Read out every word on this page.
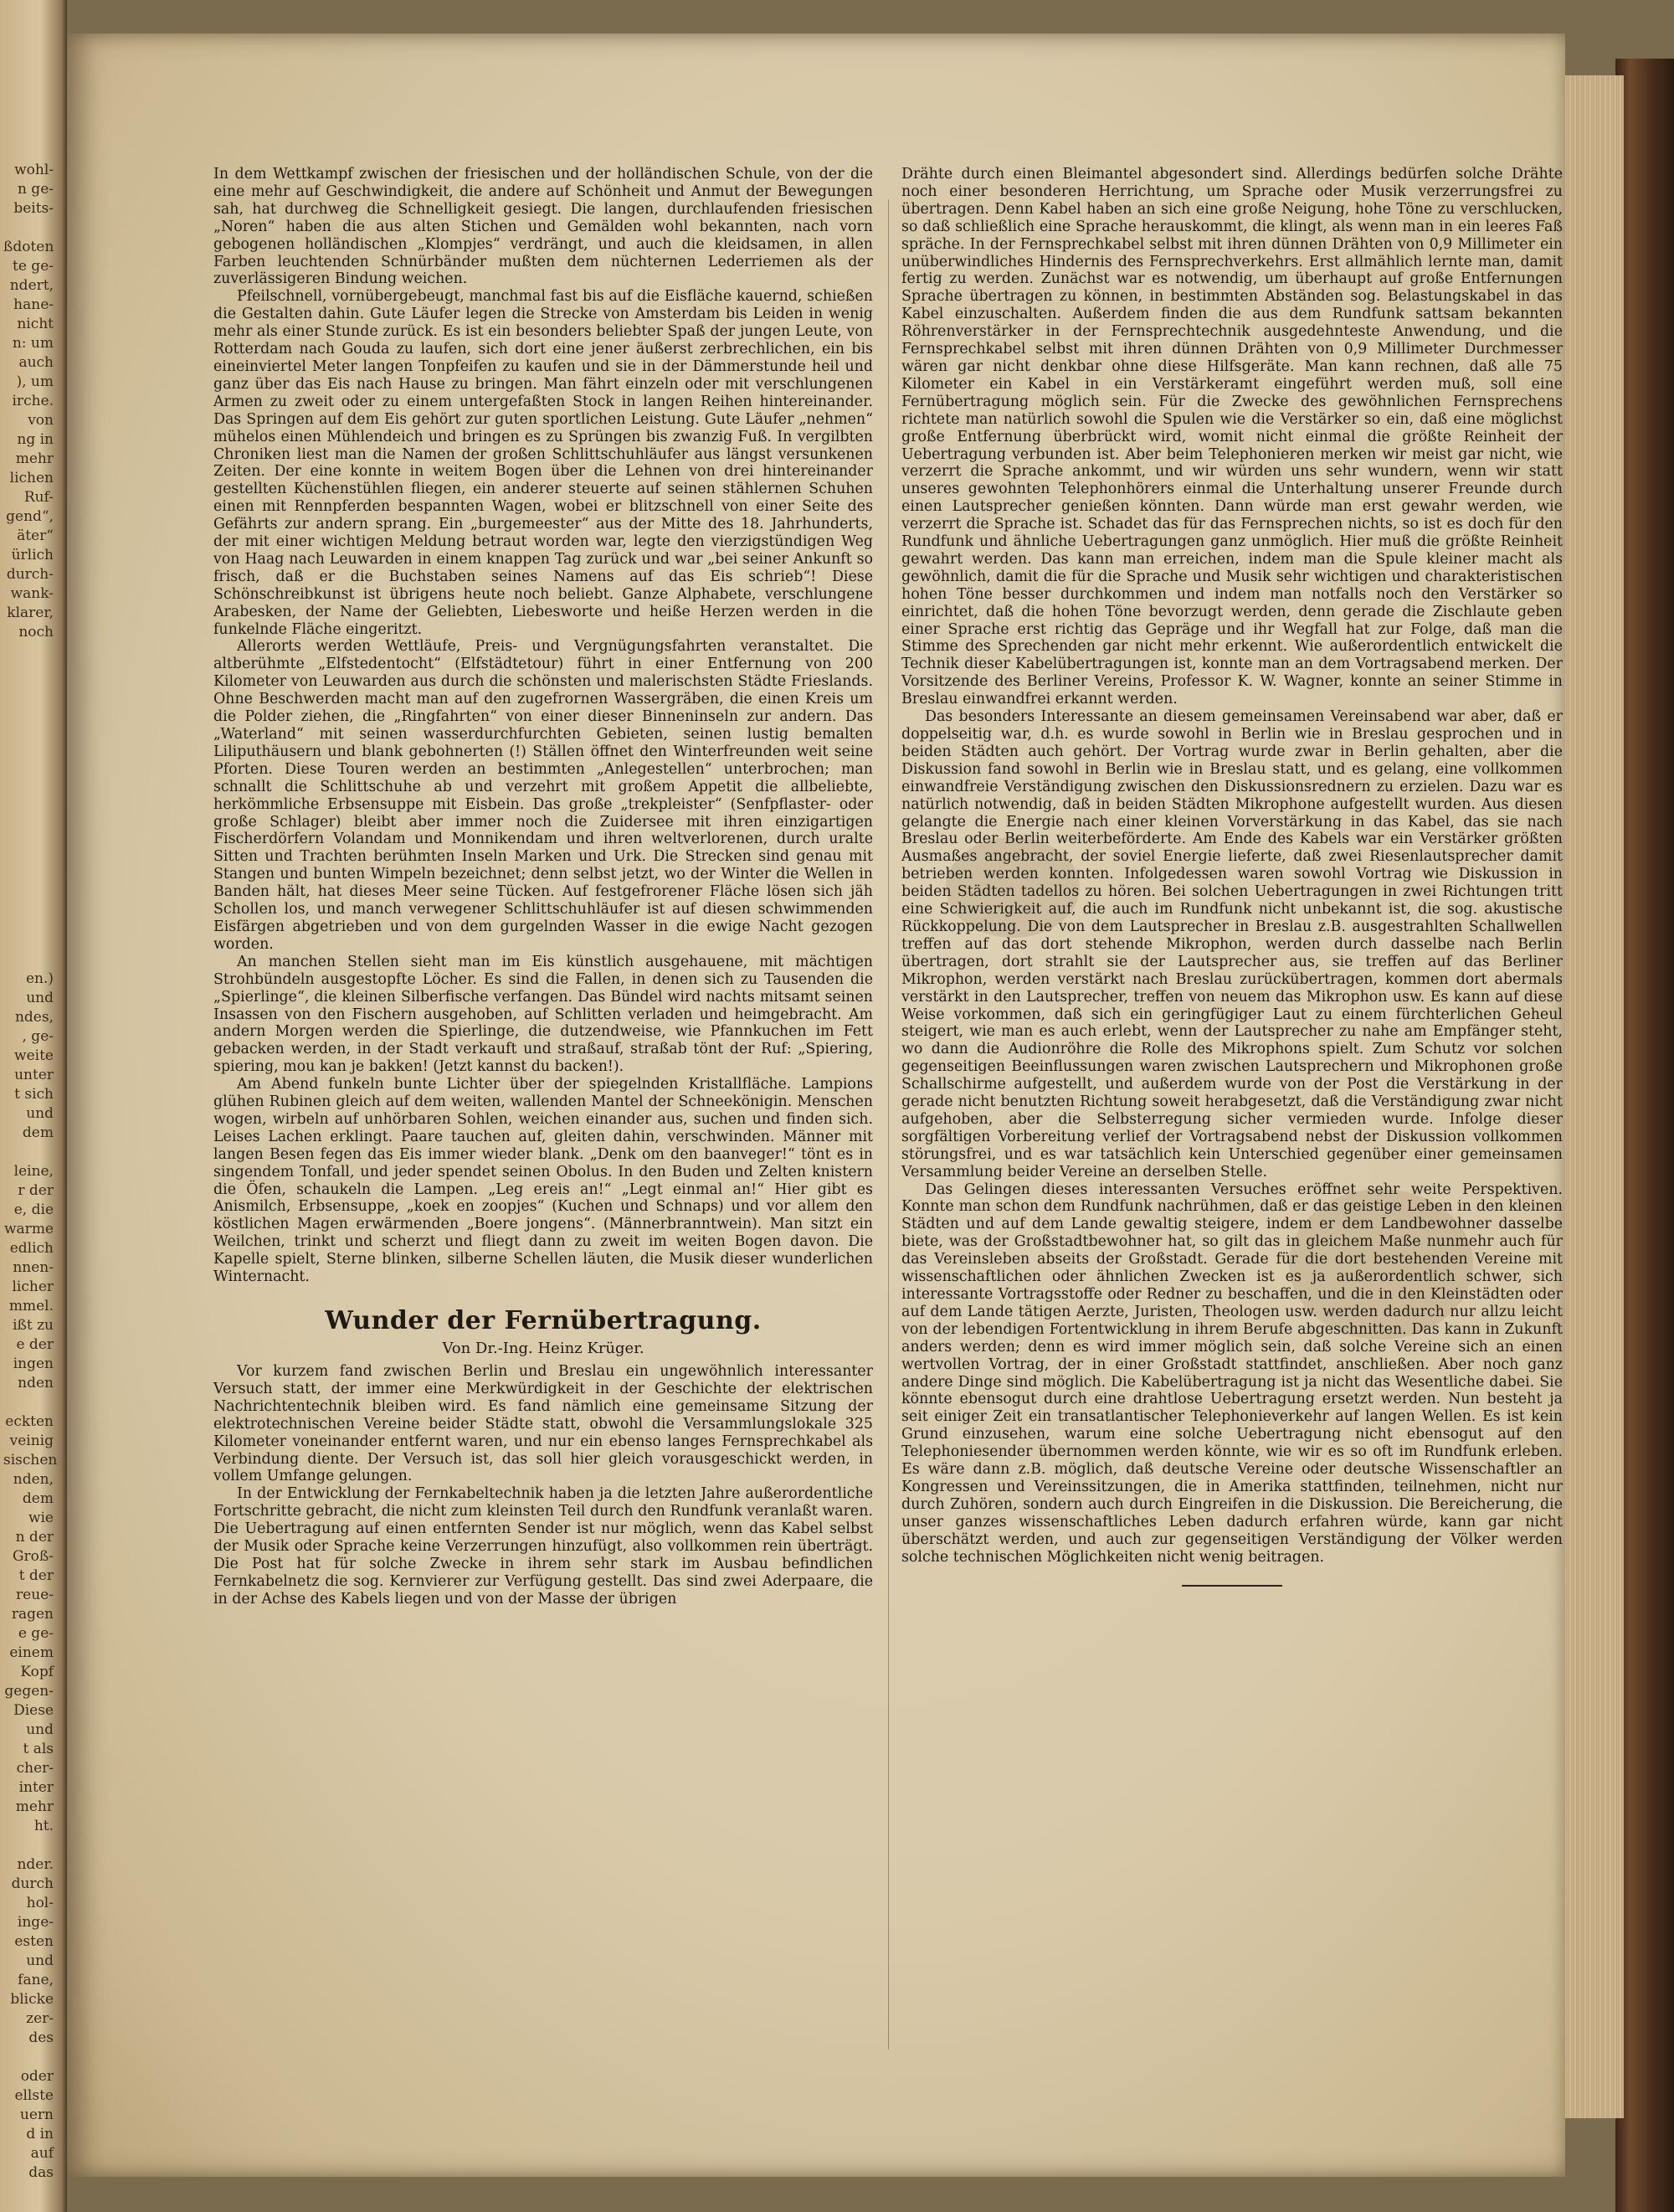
wohl-
n ge-
beits-
ßdoten
te ge-
ndert,
hane-
nicht
n: um
auch
), um
irche.
von
ng in
mehr
lichen
Ruf-
gend“,
äter“
ürlich
durch-
wank-
klarer,
noch
en.)
und
ndes,
, ge-
weite
unter
t sich
und
dem
leine,
r der
e, die
warme
edlich
nnen-
licher
mmel.
ißt zu
e der
ingen
nden
eckten
veinig
sischen
nden,
dem
wie
n der
Groß-
t der
reue-
ragen
e ge-
einem
Kopf
gegen-
Diese
und
t als
cher-
inter
mehr
ht.
nder.
durch
hol-
inge-
esten
und
fane,
blicke
zer-
des
oder
ellste
uern
d in
auf
das

In dem Wettkampf zwischen der friesischen und der holländischen Schule, von der die eine mehr auf Geschwindigkeit, die andere auf Schönheit und Anmut der Bewegungen sah, hat durchweg die Schnelligkeit gesiegt. Die langen, durchlaufenden friesischen „Noren“ haben die aus alten Stichen und Gemälden wohl bekannten, nach vorn gebogenen holländischen „Klompjes“ verdrängt, und auch die kleidsamen, in allen Farben leuchtenden Schnürbänder mußten dem nüchternen Lederriemen als der zuverlässigeren Bindung weichen.

Pfeilschnell, vornübergebeugt, manchmal fast bis auf die Eisfläche kauernd, schießen die Gestalten dahin. Gute Läufer legen die Strecke von Amsterdam bis Leiden in wenig mehr als einer Stunde zurück. Es ist ein besonders beliebter Spaß der jungen Leute, von Rotterdam nach Gouda zu laufen, sich dort eine jener äußerst zerbrechlichen, ein bis eineinviertel Meter langen Tonpfeifen zu kaufen und sie in der Dämmerstunde heil und ganz über das Eis nach Hause zu bringen. Man fährt einzeln oder mit verschlungenen Armen zu zweit oder zu einem untergefaßten Stock in langen Reihen hintereinander. Das Springen auf dem Eis gehört zur guten sportlichen Leistung. Gute Läufer „nehmen“ mühelos einen Mühlendeich und bringen es zu Sprüngen bis zwanzig Fuß. In vergilbten Chroniken liest man die Namen der großen Schlittschuhläufer aus längst versunkenen Zeiten. Der eine konnte in weitem Bogen über die Lehnen von drei hintereinander gestellten Küchenstühlen fliegen, ein anderer steuerte auf seinen stählernen Schuhen einen mit Rennpferden bespannten Wagen, wobei er blitzschnell von einer Seite des Gefährts zur andern sprang. Ein „burgemeester“ aus der Mitte des 18. Jahrhunderts, der mit einer wichtigen Meldung betraut worden war, legte den vierzigstündigen Weg von Haag nach Leuwarden in einem knappen Tag zurück und war „bei seiner Ankunft so frisch, daß er die Buchstaben seines Namens auf das Eis schrieb“! Diese Schönschreibkunst ist übrigens heute noch beliebt. Ganze Alphabete, verschlungene Arabesken, der Name der Geliebten, Liebesworte und heiße Herzen werden in die funkelnde Fläche eingeritzt.

Allerorts werden Wettläufe, Preis- und Vergnügungsfahrten veranstaltet. Die altberühmte „Elfstedentocht“ (Elfstädtetour) führt in einer Entfernung von 200 Kilometer von Leuwarden aus durch die schönsten und malerischsten Städte Frieslands. Ohne Beschwerden macht man auf den zugefrornen Wassergräben, die einen Kreis um die Polder ziehen, die „Ringfahrten“ von einer dieser Binneninseln zur andern. Das „Waterland“ mit seinen wasserdurchfurchten Gebieten, seinen lustig bemalten Liliputhäusern und blank gebohnerten (!) Ställen öffnet den Winterfreunden weit seine Pforten. Diese Touren werden an bestimmten „Anlegestellen“ unterbrochen; man schnallt die Schlittschuhe ab und verzehrt mit großem Appetit die allbeliebte, herkömmliche Erbsensuppe mit Eisbein. Das große „trekpleister“ (Senfpflaster- oder große Schlager) bleibt aber immer noch die Zuidersee mit ihren einzigartigen Fischerdörfern Volandam und Monnikendam und ihren weltverlorenen, durch uralte Sitten und Trachten berühmten Inseln Marken und Urk. Die Strecken sind genau mit Stangen und bunten Wimpeln bezeichnet; denn selbst jetzt, wo der Winter die Wellen in Banden hält, hat dieses Meer seine Tücken. Auf festgefrorener Fläche lösen sich jäh Schollen los, und manch verwegener Schlittschuhläufer ist auf diesen schwimmenden Eisfärgen abgetrieben und von dem gurgelnden Wasser in die ewige Nacht gezogen worden.

An manchen Stellen sieht man im Eis künstlich ausgehauene, mit mächtigen Strohbündeln ausgestopfte Löcher. Es sind die Fallen, in denen sich zu Tausenden die „Spierlinge“, die kleinen Silberfische verfangen. Das Bündel wird nachts mitsamt seinen Insassen von den Fischern ausgehoben, auf Schlitten verladen und heimgebracht. Am andern Morgen werden die Spierlinge, die dutzendweise, wie Pfannkuchen im Fett gebacken werden, in der Stadt verkauft und straßauf, straßab tönt der Ruf: „Spiering, spiering, mou kan je bakken! (Jetzt kannst du backen!).

Am Abend funkeln bunte Lichter über der spiegelnden Kristallfläche. Lampions glühen Rubinen gleich auf dem weiten, wallenden Mantel der Schneekönigin. Menschen wogen, wirbeln auf unhörbaren Sohlen, weichen einander aus, suchen und finden sich. Leises Lachen erklingt. Paare tauchen auf, gleiten dahin, verschwinden. Männer mit langen Besen fegen das Eis immer wieder blank. „Denk om den baanveger!“ tönt es in singendem Tonfall, und jeder spendet seinen Obolus. In den Buden und Zelten knistern die Öfen, schaukeln die Lampen. „Leg ereis an!“ „Legt einmal an!“ Hier gibt es Anismilch, Erbsensuppe, „koek en zoopjes“ (Kuchen und Schnaps) und vor allem den köstlichen Magen erwärmenden „Boere jongens“. (Männerbranntwein). Man sitzt ein Weilchen, trinkt und scherzt und fliegt dann zu zweit im weiten Bogen davon. Die Kapelle spielt, Sterne blinken, silberne Schellen läuten, die Musik dieser wunderlichen Winternacht.

Wunder der Fernübertragung.
Von Dr.-Ing. Heinz Krüger.

Vor kurzem fand zwischen Berlin und Breslau ein ungewöhnlich interessanter Versuch statt, der immer eine Merkwürdigkeit in der Geschichte der elektrischen Nachrichtentechnik bleiben wird. Es fand nämlich eine gemeinsame Sitzung der elektrotechnischen Vereine beider Städte statt, obwohl die Versammlungslokale 325 Kilometer voneinander entfernt waren, und nur ein ebenso langes Fernsprechkabel als Verbindung diente. Der Versuch ist, das soll hier gleich vorausgeschickt werden, in vollem Umfange gelungen.

In der Entwicklung der Fernkabeltechnik haben ja die letzten Jahre außerordentliche Fortschritte gebracht, die nicht zum kleinsten Teil durch den Rundfunk veranlaßt waren. Die Uebertragung auf einen entfernten Sender ist nur möglich, wenn das Kabel selbst der Musik oder Sprache keine Verzerrungen hinzufügt, also vollkommen rein überträgt. Die Post hat für solche Zwecke in ihrem sehr stark im Ausbau befindlichen Fernkabelnetz die sog. Kernvierer zur Verfügung gestellt. Das sind zwei Aderpaare, die in der Achse des Kabels liegen und von der Masse der übrigen

Drähte durch einen Bleimantel abgesondert sind. Allerdings bedürfen solche Drähte noch einer besonderen Herrichtung, um Sprache oder Musik verzerrungsfrei zu übertragen. Denn Kabel haben an sich eine große Neigung, hohe Töne zu verschlucken, so daß schließlich eine Sprache herauskommt, die klingt, als wenn man in ein leeres Faß spräche. In der Fernsprechkabel selbst mit ihren dünnen Drähten von 0,9 Millimeter ein unüberwindliches Hindernis des Fernsprechverkehrs. Erst allmählich lernte man, damit fertig zu werden. Zunächst war es notwendig, um überhaupt auf große Entfernungen Sprache übertragen zu können, in bestimmten Abständen sog. Belastungskabel in das Kabel einzuschalten. Außerdem finden die aus dem Rundfunk sattsam bekannten Röhrenverstärker in der Fernsprechtechnik ausgedehnteste Anwendung, und die Fernsprechkabel selbst mit ihren dünnen Drähten von 0,9 Millimeter Durchmesser wären gar nicht denkbar ohne diese Hilfsgeräte. Man kann rechnen, daß alle 75 Kilometer ein Kabel in ein Verstärkeramt eingeführt werden muß, soll eine Fernübertragung möglich sein. Für die Zwecke des gewöhnlichen Fernsprechens richtete man natürlich sowohl die Spulen wie die Verstärker so ein, daß eine möglichst große Entfernung überbrückt wird, womit nicht einmal die größte Reinheit der Uebertragung verbunden ist. Aber beim Telephonieren merken wir meist gar nicht, wie verzerrt die Sprache ankommt, und wir würden uns sehr wundern, wenn wir statt unseres gewohnten Telephonhörers einmal die Unterhaltung unserer Freunde durch einen Lautsprecher genießen könnten. Dann würde man erst gewahr werden, wie verzerrt die Sprache ist. Schadet das für das Fernsprechen nichts, so ist es doch für den Rundfunk und ähnliche Uebertragungen ganz unmöglich. Hier muß die größte Reinheit gewahrt werden. Das kann man erreichen, indem man die Spule kleiner macht als gewöhnlich, damit die für die Sprache und Musik sehr wichtigen und charakteristischen hohen Töne besser durchkommen und indem man notfalls noch den Verstärker so einrichtet, daß die hohen Töne bevorzugt werden, denn gerade die Zischlaute geben einer Sprache erst richtig das Gepräge und ihr Wegfall hat zur Folge, daß man die Stimme des Sprechenden gar nicht mehr erkennt. Wie außerordentlich entwickelt die Technik dieser Kabelübertragungen ist, konnte man an dem Vortragsabend merken. Der Vorsitzende des Berliner Vereins, Professor K. W. Wagner, konnte an seiner Stimme in Breslau einwandfrei erkannt werden.

Das besonders Interessante an diesem gemeinsamen Vereinsabend war aber, daß er doppelseitig war, d.h. es wurde sowohl in Berlin wie in Breslau gesprochen und in beiden Städten auch gehört. Der Vortrag wurde zwar in Berlin gehalten, aber die Diskussion fand sowohl in Berlin wie in Breslau statt, und es gelang, eine vollkommen einwandfreie Verständigung zwischen den Diskussionsrednern zu erzielen. Dazu war es natürlich notwendig, daß in beiden Städten Mikrophone aufgestellt wurden. Aus diesen gelangte die Energie nach einer kleinen Vorverstärkung in das Kabel, das sie nach Breslau oder Berlin weiterbeförderte. Am Ende des Kabels war ein Verstärker größten Ausmaßes angebracht, der soviel Energie lieferte, daß zwei Riesenlautsprecher damit betrieben werden konnten. Infolgedessen waren sowohl Vortrag wie Diskussion in beiden Städten tadellos zu hören. Bei solchen Uebertragungen in zwei Richtungen tritt eine Schwierigkeit auf, die auch im Rundfunk nicht unbekannt ist, die sog. akustische Rückkoppelung. Die von dem Lautsprecher in Breslau z.B. ausgestrahlten Schallwellen treffen auf das dort stehende Mikrophon, werden durch dasselbe nach Berlin übertragen, dort strahlt sie der Lautsprecher aus, sie treffen auf das Berliner Mikrophon, werden verstärkt nach Breslau zurückübertragen, kommen dort abermals verstärkt in den Lautsprecher, treffen von neuem das Mikrophon usw. Es kann auf diese Weise vorkommen, daß sich ein geringfügiger Laut zu einem fürchterlichen Geheul steigert, wie man es auch erlebt, wenn der Lautsprecher zu nahe am Empfänger steht, wo dann die Audionröhre die Rolle des Mikrophons spielt. Zum Schutz vor solchen gegenseitigen Beeinflussungen waren zwischen Lautsprechern und Mikrophonen große Schallschirme aufgestellt, und außerdem wurde von der Post die Verstärkung in der gerade nicht benutzten Richtung soweit herabgesetzt, daß die Verständigung zwar nicht aufgehoben, aber die Selbsterregung sicher vermieden wurde. Infolge dieser sorgfältigen Vorbereitung verlief der Vortragsabend nebst der Diskussion vollkommen störungsfrei, und es war tatsächlich kein Unterschied gegenüber einer gemeinsamen Versammlung beider Vereine an derselben Stelle.

Das Gelingen dieses interessanten Versuches eröffnet sehr weite Perspektiven. Konnte man schon dem Rundfunk nachrühmen, daß er das geistige Leben in den kleinen Städten und auf dem Lande gewaltig steigere, indem er dem Landbewohner dasselbe biete, was der Großstadtbewohner hat, so gilt das in gleichem Maße nunmehr auch für das Vereinsleben abseits der Großstadt. Gerade für die dort bestehenden Vereine mit wissenschaftlichen oder ähnlichen Zwecken ist es ja außerordentlich schwer, sich interessante Vortragsstoffe oder Redner zu beschaffen, und die in den Kleinstädten oder auf dem Lande tätigen Aerzte, Juristen, Theologen usw. werden dadurch nur allzu leicht von der lebendigen Fortentwicklung in ihrem Berufe abgeschnitten. Das kann in Zukunft anders werden; denn es wird immer möglich sein, daß solche Vereine sich an einen wertvollen Vortrag, der in einer Großstadt stattfindet, anschließen. Aber noch ganz andere Dinge sind möglich. Die Kabelübertragung ist ja nicht das Wesentliche dabei. Sie könnte ebensogut durch eine drahtlose Uebertragung ersetzt werden. Nun besteht ja seit einiger Zeit ein transatlantischer Telephonieverkehr auf langen Wellen. Es ist kein Grund einzusehen, warum eine solche Uebertragung nicht ebensogut auf den Telephoniesender übernommen werden könnte, wie wir es so oft im Rundfunk erleben. Es wäre dann z.B. möglich, daß deutsche Vereine oder deutsche Wissenschaftler an Kongressen und Vereinssitzungen, die in Amerika stattfinden, teilnehmen, nicht nur durch Zuhören, sondern auch durch Eingreifen in die Diskussion. Die Bereicherung, die unser ganzes wissenschaftliches Leben dadurch erfahren würde, kann gar nicht überschätzt werden, und auch zur gegenseitigen Verständigung der Völker werden solche technischen Möglichkeiten nicht wenig beitragen.
